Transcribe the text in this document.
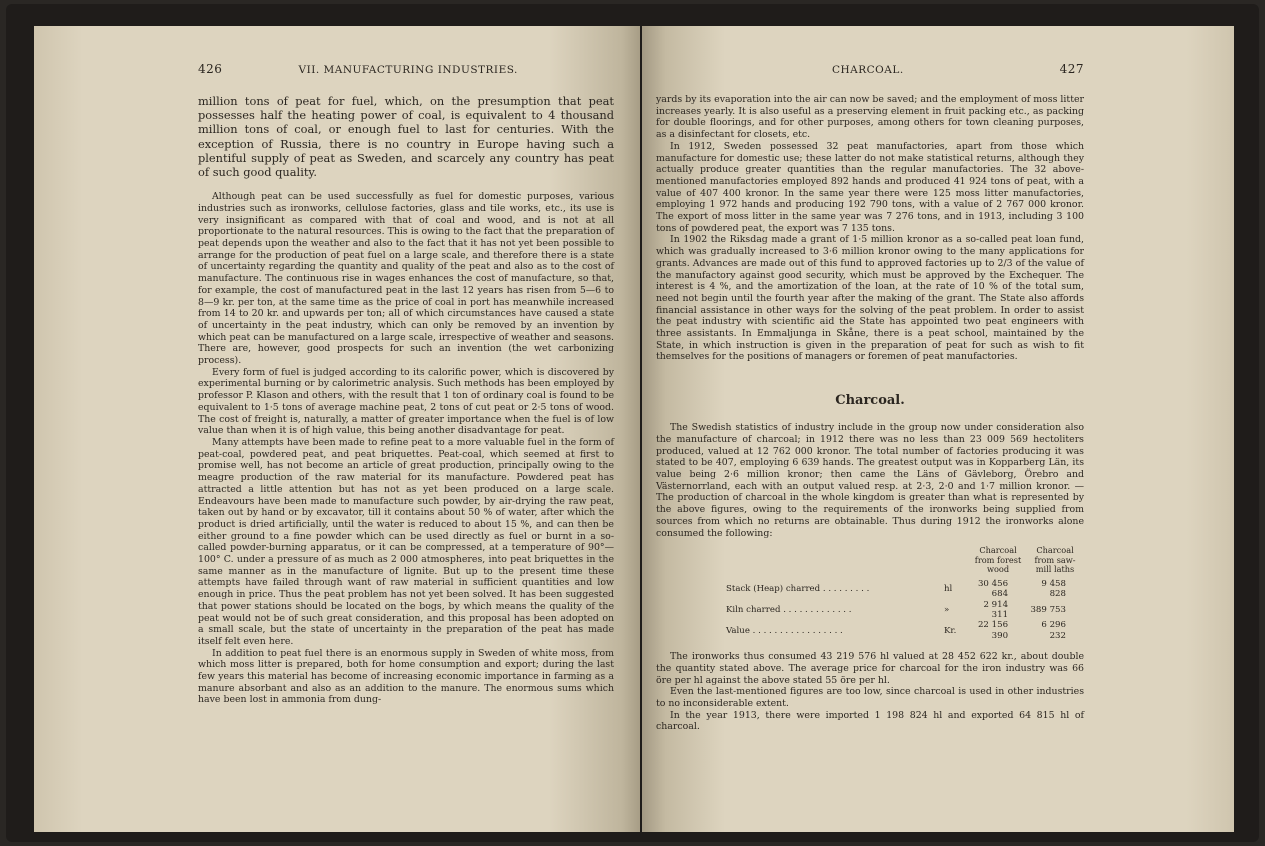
426	VII. MANUFACTURING INDUSTRIES.

million tons of peat for fuel, which, on the presumption that peat possesses half the heating power of coal, is equivalent to 4 thousand million tons of coal, or enough fuel to last for centuries. With the exception of Russia, there is no country in Europe having such a plentiful supply of peat as Sweden, and scarcely any country has peat of such good quality.

Although peat can be used successfully as fuel for domestic purposes, various industries such as ironworks, cellulose factories, glass and tile works, etc., its use is very insignificant as compared with that of coal and wood, and is not at all proportionate to the natural resources. This is owing to the fact that the preparation of peat depends upon the weather and also to the fact that it has not yet been possible to arrange for the production of peat fuel on a large scale, and therefore there is a state of uncertainty regarding the quantity and quality of the peat and also as to the cost of manufacture. The continuous rise in wages enhances the cost of manufacture, so that, for example, the cost of manufactured peat in the last 12 years has risen from 5—6 to 8—9 kr. per ton, at the same time as the price of coal in port has meanwhile increased from 14 to 20 kr. and upwards per ton; all of which circumstances have caused a state of uncertainty in the peat industry, which can only be removed by an invention by which peat can be manufactured on a large scale, irrespective of weather and seasons. There are, however, good prospects for such an invention (the wet carbonizing process).

Every form of fuel is judged according to its calorific power, which is discovered by experimental burning or by calorimetric analysis. Such methods has been employed by professor P. Klason and others, with the result that 1 ton of ordinary coal is found to be equivalent to 1·5 tons of average machine peat, 2 tons of cut peat or 2·5 tons of wood. The cost of freight is, naturally, a matter of greater importance when the fuel is of low value than when it is of high value, this being another disadvantage for peat.

Many attempts have been made to refine peat to a more valuable fuel in the form of peat-coal, powdered peat, and peat briquettes. Peat-coal, which seemed at first to promise well, has not become an article of great production, principally owing to the meagre production of the raw material for its manufacture. Powdered peat has attracted a little attention but has not as yet been produced on a large scale. Endeavours have been made to manufacture such powder, by air-drying the raw peat, taken out by hand or by excavator, till it contains about 50 % of water, after which the product is dried artificially, until the water is reduced to about 15 %, and can then be either ground to a fine powder which can be used directly as fuel or burnt in a so-called powder-burning apparatus, or it can be compressed, at a temperature of 90°—100° C. under a pressure of as much as 2 000 atmospheres, into peat briquettes in the same manner as in the manufacture of lignite. But up to the present time these attempts have failed through want of raw material in sufficient quantities and low enough in price. Thus the peat problem has not yet been solved. It has been suggested that power stations should be located on the bogs, by which means the quality of the peat would not be of such great consideration, and this proposal has been adopted on a small scale, but the state of uncertainty in the preparation of the peat has made itself felt even here.

In addition to peat fuel there is an enormous supply in Sweden of white moss, from which moss litter is prepared, both for home consumption and export; during the last few years this material has become of increasing economic importance in farming as a manure absorbant and also as an addition to the manure. The enormous sums which have been lost in ammonia from dung-

CHARCOAL.	427

yards by its evaporation into the air can now be saved; and the employment of moss litter increases yearly. It is also useful as a preserving element in fruit packing etc., as packing for double floorings, and for other purposes, among others for town cleaning purposes, as a disinfectant for closets, etc.

In 1912, Sweden possessed 32 peat manufactories, apart from those which manufacture for domestic use; these latter do not make statistical returns, although they actually produce greater quantities than the regular manufactories. The 32 above-mentioned manufactories employed 892 hands and produced 41 924 tons of peat, with a value of 407 400 kronor. In the same year there were 125 moss litter manufactories, employing 1 972 hands and producing 192 790 tons, with a value of 2 767 000 kronor. The export of moss litter in the same year was 7 276 tons, and in 1913, including 3 100 tons of powdered peat, the export was 7 135 tons.

In 1902 the Riksdag made a grant of 1·5 million kronor as a so-called peat loan fund, which was gradually increased to 3·6 million kronor owing to the many applications for grants. Advances are made out of this fund to approved factories up to 2/3 of the value of the manufactory against good security, which must be approved by the Exchequer. The interest is 4 %, and the amortization of the loan, at the rate of 10 % of the total sum, need not begin until the fourth year after the making of the grant. The State also affords financial assistance in other ways for the solving of the peat problem. In order to assist the peat industry with scientific aid the State has appointed two peat engineers with three assistants. In Emmaljunga in Skåne, there is a peat school, maintained by the State, in which instruction is given in the preparation of peat for such as wish to fit themselves for the positions of managers or foremen of peat manufactories.

Charcoal.

The Swedish statistics of industry include in the group now under consideration also the manufacture of charcoal; in 1912 there was no less than 23 009 569 hectoliters produced, valued at 12 762 000 kronor. The total number of factories producing it was stated to be 407, employing 6 639 hands. The greatest output was in Kopparberg Län, its value being 2·6 million kronor; then came the Läns of Gävleborg, Örebro and Västernorrland, each with an output valued resp. at 2·3, 2·0 and 1·7 million kronor. — The production of charcoal in the whole kingdom is greater than what is represented by the above figures, owing to the requirements of the ironworks being supplied from sources from which no returns are obtainable. Thus during 1912 the ironworks alone consumed the following:

		Charcoal from forest wood	Charcoal from saw-mill laths
Stack (Heap) charred . . . . . . . . .	hl	30 456 684	9 458 828
Kiln charred . . . . . . . . . . . . .	»	2 914 311	389 753
Value . . . . . . . . . . . . . . . . .	Kr.	22 156 390	6 296 232

The ironworks thus consumed 43 219 576 hl valued at 28 452 622 kr., about double the quantity stated above. The average price for charcoal for the iron industry was 66 öre per hl against the above stated 55 öre per hl.

Even the last-mentioned figures are too low, since charcoal is used in other industries to no inconsiderable extent.

In the year 1913, there were imported 1 198 824 hl and exported 64 815 hl of charcoal.
